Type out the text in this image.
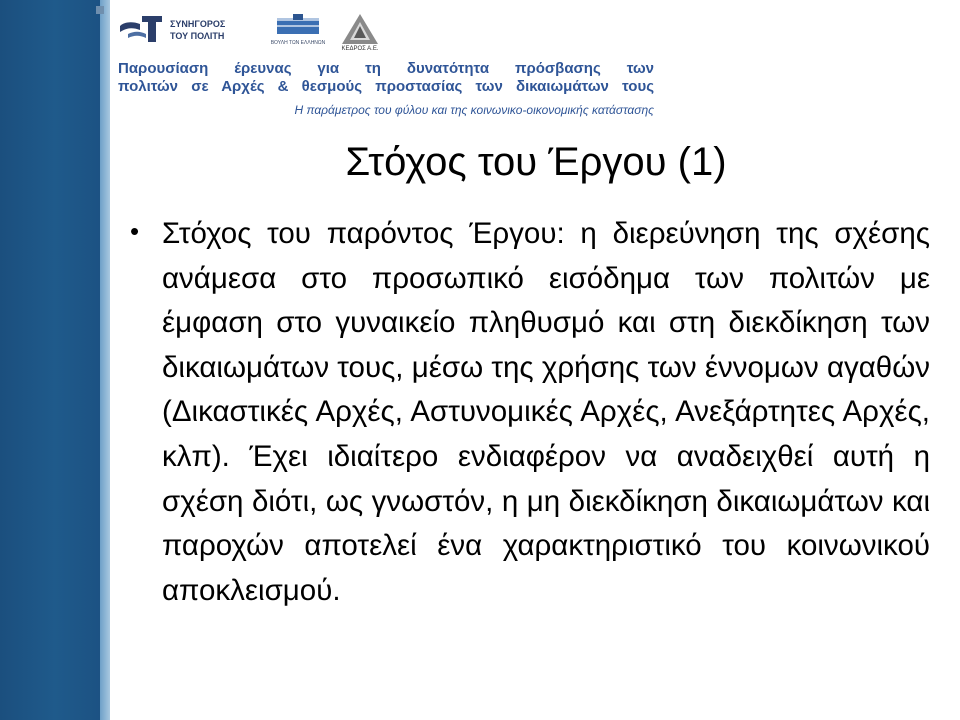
ΣΥΝΗΓΟΡΟΣ
ΤΟΥ ΠΟΛΙΤΗ
ΒΟΥΛΗ ΤΩΝ ΕΛΛΗΝΩΝ
ΚΕΔΡΟΣ Α.Ε.
Παρουσίαση έρευνας για τη δυνατότητα πρόσβασης των
πολιτών σε Αρχές & θεσμούς προστασίας των δικαιωμάτων τους
Η παράμετρος του φύλου και της κοινωνικο-οικονομικής κατάστασης
Στόχος του Έργου (1)
• Στόχος του παρόντος Έργου: η διερεύνηση της σχέσης ανάμεσα στο προσωπικό εισόδημα των πολιτών με έμφαση στο γυναικείο πληθυσμό και στη διεκδίκηση των δικαιωμάτων τους, μέσω της χρήσης των έννομων αγαθών (Δικαστικές Αρχές, Αστυνομικές Αρχές, Ανεξάρτητες Αρχές, κλπ). Έχει ιδιαίτερο ενδιαφέρον να αναδειχθεί αυτή η σχέση διότι, ως γνωστόν, η μη διεκδίκηση δικαιωμάτων και παροχών αποτελεί ένα χαρακτηριστικό του κοινωνικού αποκλεισμού.
